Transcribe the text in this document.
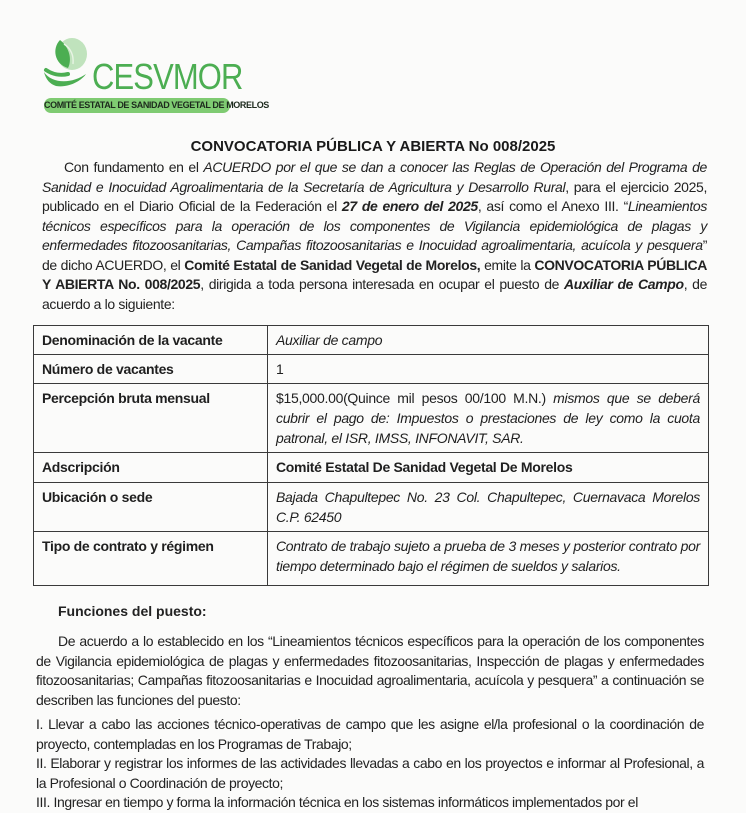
CESVMOR
COMITÉ ESTATAL DE SANIDAD VEGETAL DE MORELOS
CONVOCATORIA PÚBLICA Y ABIERTA No 008/2025
Con fundamento en el ACUERDO por el que se dan a conocer las Reglas de Operación del Programa de Sanidad e Inocuidad Agroalimentaria de la Secretaría de Agricultura y Desarrollo Rural, para el ejercicio 2025, publicado en el Diario Oficial de la Federación el 27 de enero del 2025, así como el Anexo III. “Lineamientos técnicos específicos para la operación de los componentes de Vigilancia epidemiológica de plagas y enfermedades fitozoosanitarias, Campañas fitozoosanitarias e Inocuidad agroalimentaria, acuícola y pesquera” de dicho ACUERDO, el Comité Estatal de Sanidad Vegetal de Morelos, emite la CONVOCATORIA PÚBLICA Y ABIERTA No. 008/2025, dirigida a toda persona interesada en ocupar el puesto de Auxiliar de Campo, de acuerdo a lo siguiente:
Denominación de la vacante	Auxiliar de campo
Número de vacantes	1
Percepción bruta mensual	$15,000.00(Quince mil pesos 00/100 M.N.) mismos que se deberá cubrir el pago de: Impuestos o prestaciones de ley como la cuota patronal, el ISR, IMSS, INFONAVIT, SAR.
Adscripción	Comité Estatal De Sanidad Vegetal De Morelos
Ubicación o sede	Bajada Chapultepec No. 23 Col. Chapultepec, Cuernavaca Morelos C.P. 62450
Tipo de contrato y régimen	Contrato de trabajo sujeto a prueba de 3 meses y posterior contrato por tiempo determinado bajo el régimen de sueldos y salarios.
Funciones del puesto:
De acuerdo a lo establecido en los “Lineamientos técnicos específicos para la operación de los componentes de Vigilancia epidemiológica de plagas y enfermedades fitozoosanitarias, Inspección de plagas y enfermedades fitozoosanitarias; Campañas fitozoosanitarias e Inocuidad agroalimentaria, acuícola y pesquera” a continuación se describen las funciones del puesto:

I. Llevar a cabo las acciones técnico-operativas de campo que les asigne el/la profesional o la coordinación de proyecto, contempladas en los Programas de Trabajo;

II. Elaborar y registrar los informes de las actividades llevadas a cabo en los proyectos e informar al Profesional, a la Profesional o Coordinación de proyecto;

III. Ingresar en tiempo y forma la información técnica en los sistemas informáticos implementados por el
